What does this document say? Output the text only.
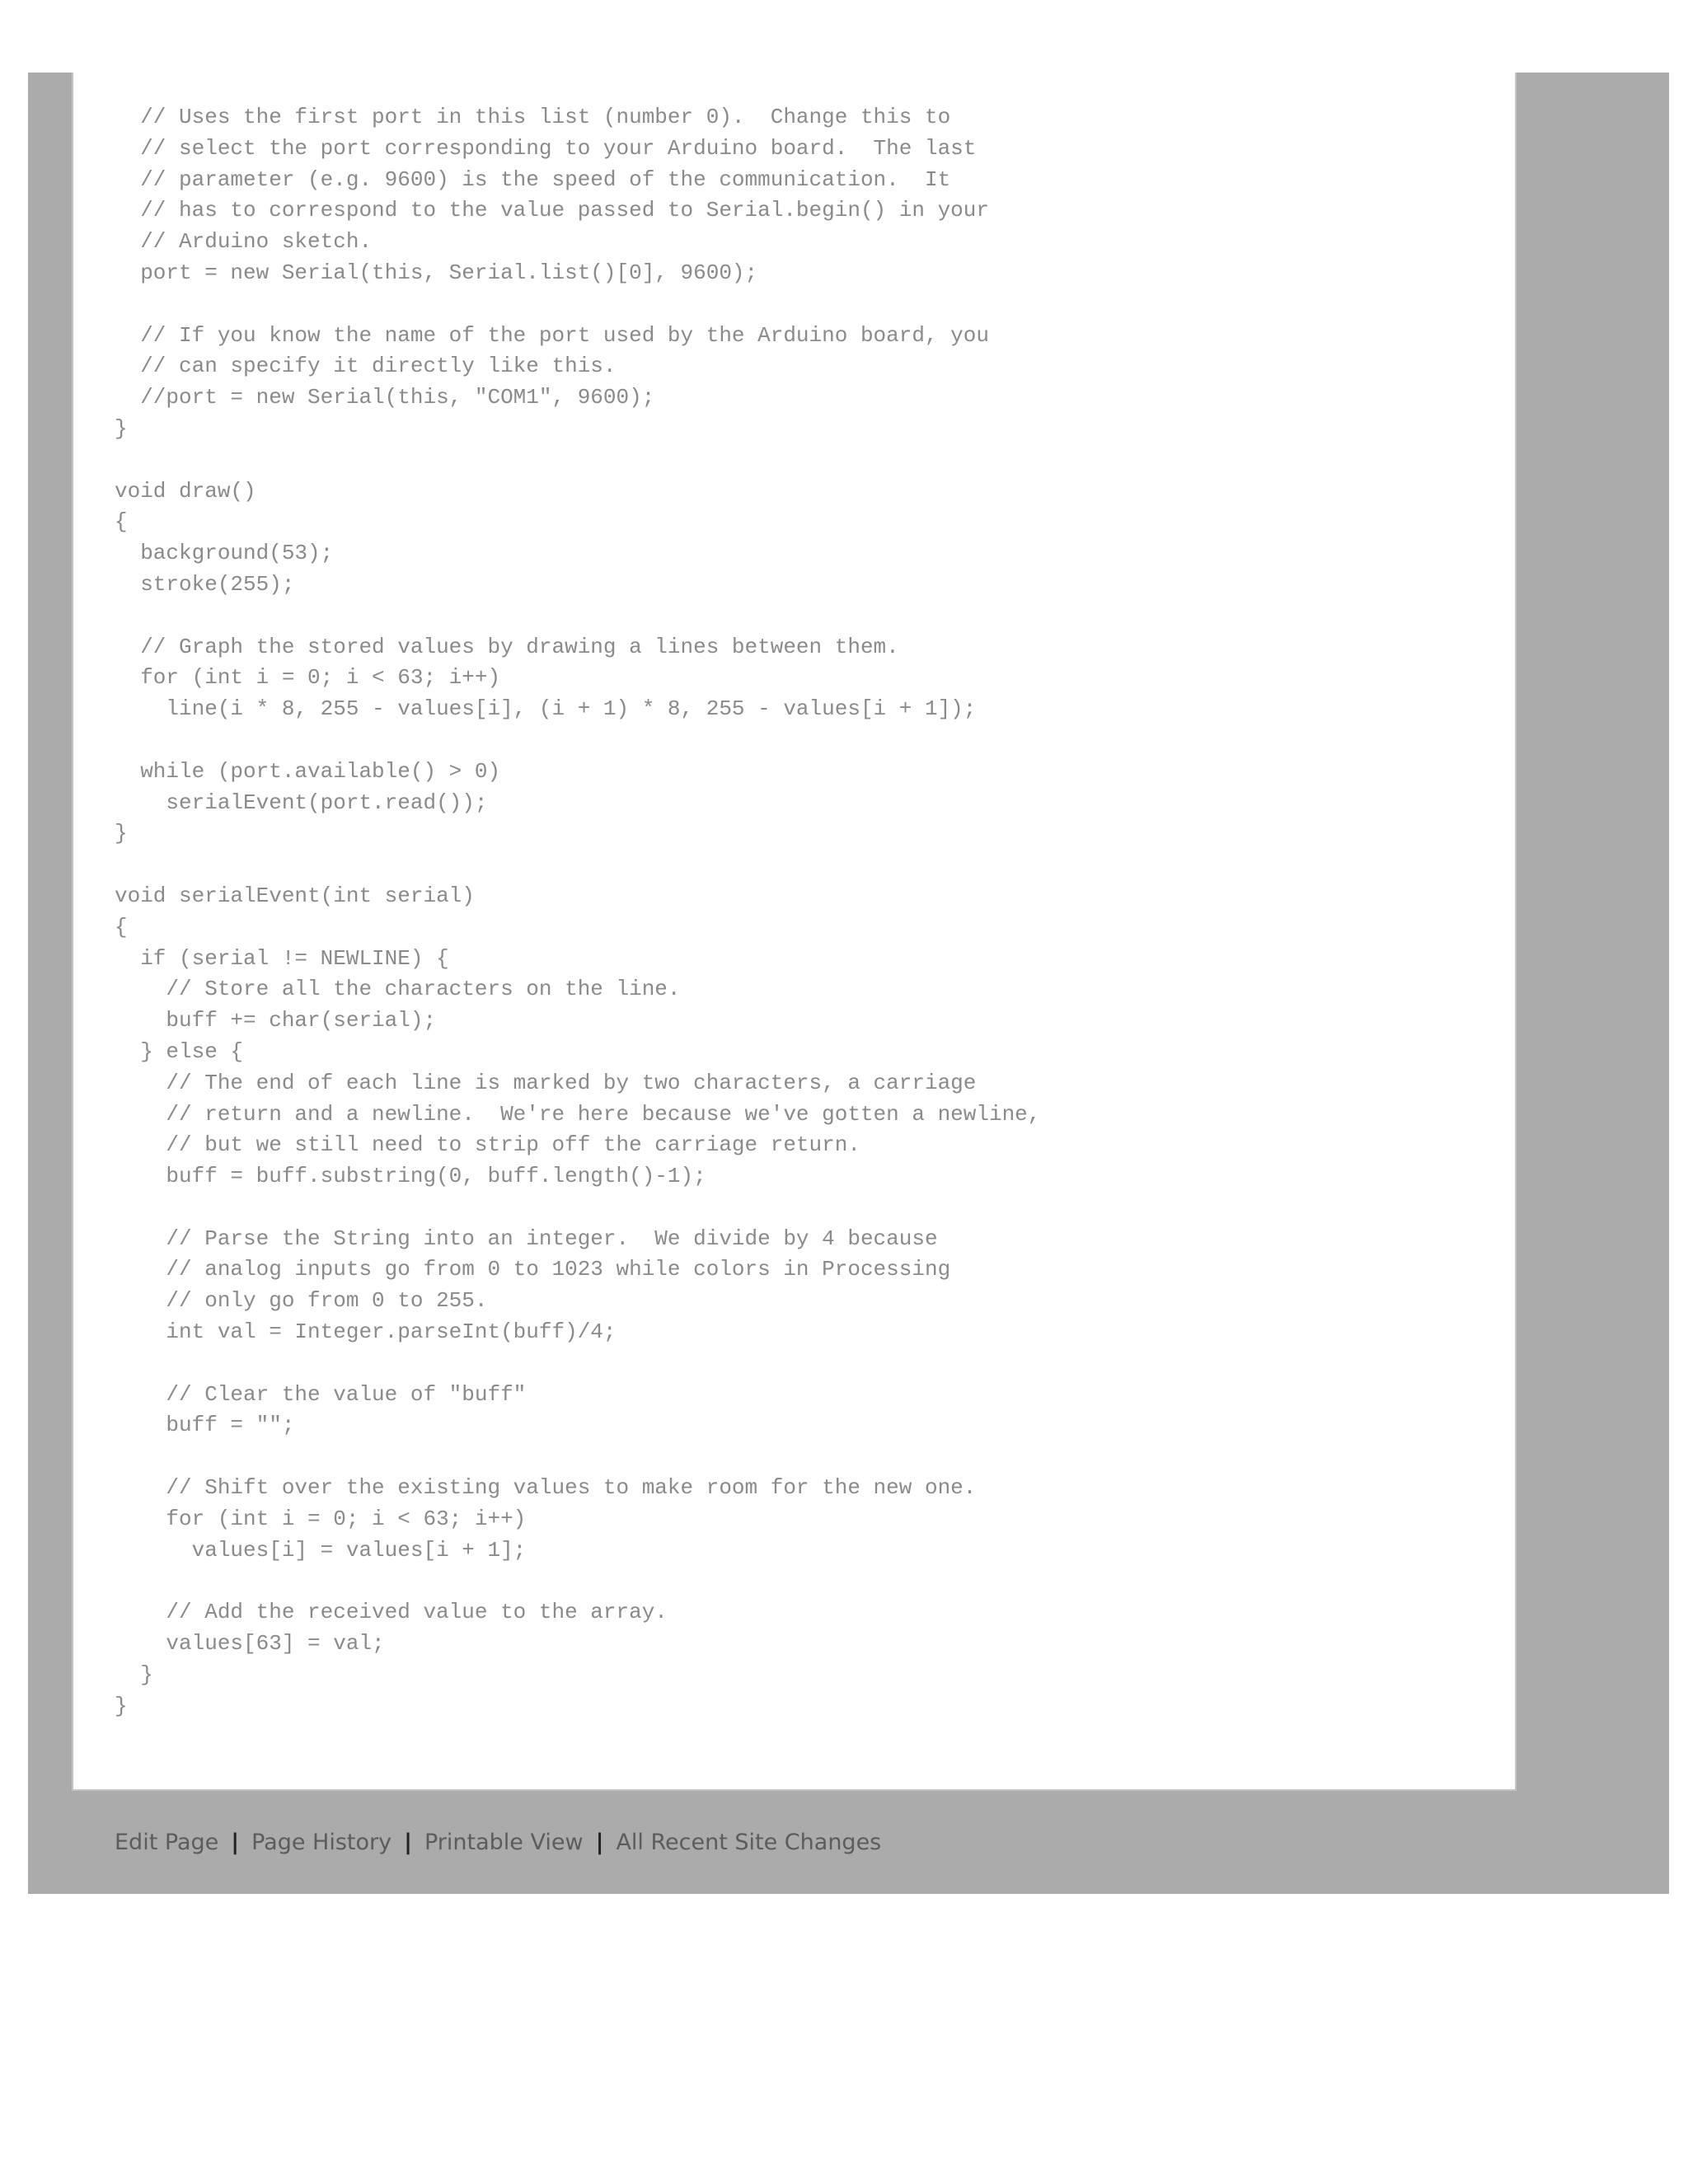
// Uses the first port in this list (number 0).  Change this to
// select the port corresponding to your Arduino board.  The last
// parameter (e.g. 9600) is the speed of the communication.  It
// has to correspond to the value passed to Serial.begin() in your
// Arduino sketch.
port = new Serial(this, Serial.list()[0], 9600);
// If you know the name of the port used by the Arduino board, you
// can specify it directly like this.
//port = new Serial(this, "COM1", 9600);
}
void draw()
{
background(53);
stroke(255);
// Graph the stored values by drawing a lines between them.
for (int i = 0; i < 63; i++)
line(i * 8, 255 - values[i], (i + 1) * 8, 255 - values[i + 1]);
while (port.available() > 0)
serialEvent(port.read());
}
void serialEvent(int serial)
{
if (serial != NEWLINE) {
// Store all the characters on the line.
buff += char(serial);
} else {
// The end of each line is marked by two characters, a carriage
// return and a newline.  We're here because we've gotten a newline,
// but we still need to strip off the carriage return.
buff = buff.substring(0, buff.length()-1);
// Parse the String into an integer.  We divide by 4 because
// analog inputs go from 0 to 1023 while colors in Processing
// only go from 0 to 255.
int val = Integer.parseInt(buff)/4;
// Clear the value of "buff"
buff = "";
// Shift over the existing values to make room for the new one.
for (int i = 0; i < 63; i++)
values[i] = values[i + 1];
// Add the received value to the array.
values[63] = val;
}
}
Edit Page | Page History | Printable View | All Recent Site Changes
